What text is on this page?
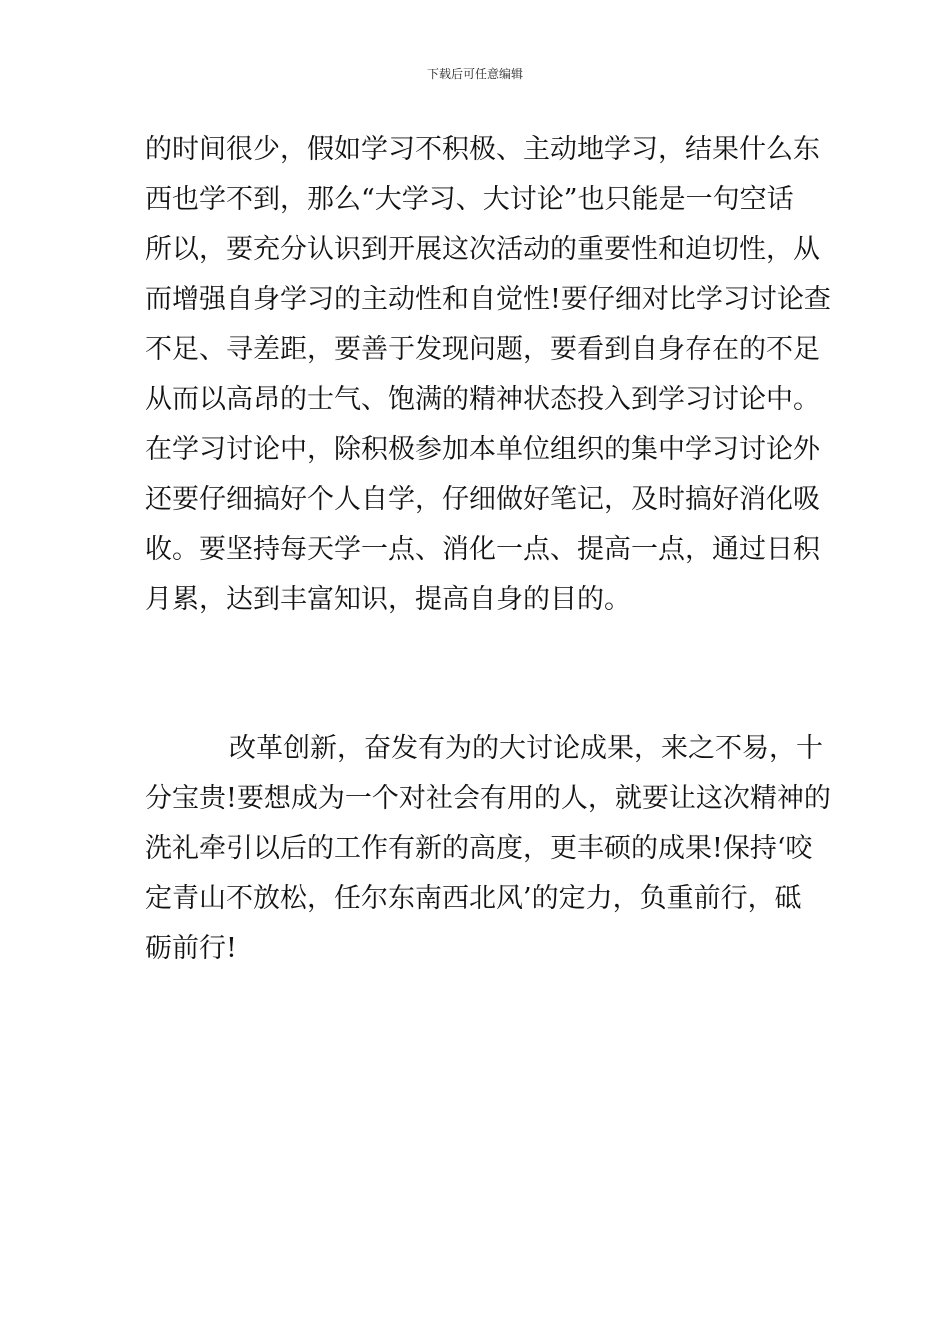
下载后可任意编辑
的时间很少，假如学习不积极、主动地学习，结果什么东
西也学不到，那么“大学习、大讨论”也只能是一句空话
所以，要充分认识到开展这次活动的重要性和迫切性，从
而增强自身学习的主动性和自觉性!要仔细对比学习讨论查
不足、寻差距，要善于发现问题，要看到自身存在的不足
从而以高昂的士气、饱满的精神状态投入到学习讨论中。
在学习讨论中，除积极参加本单位组织的集中学习讨论外
还要仔细搞好个人自学，仔细做好笔记，及时搞好消化吸
收。要坚持每天学一点、消化一点、提高一点，通过日积
月累，达到丰富知识，提高自身的目的。
改革创新，奋发有为的大讨论成果，来之不易，十
分宝贵!要想成为一个对社会有用的人，就要让这次精神的
洗礼牵引以后的工作有新的高度，更丰硕的成果!保持‘咬
定青山不放松，任尔东南西北风’的定力，负重前行，砥
砺前行!
